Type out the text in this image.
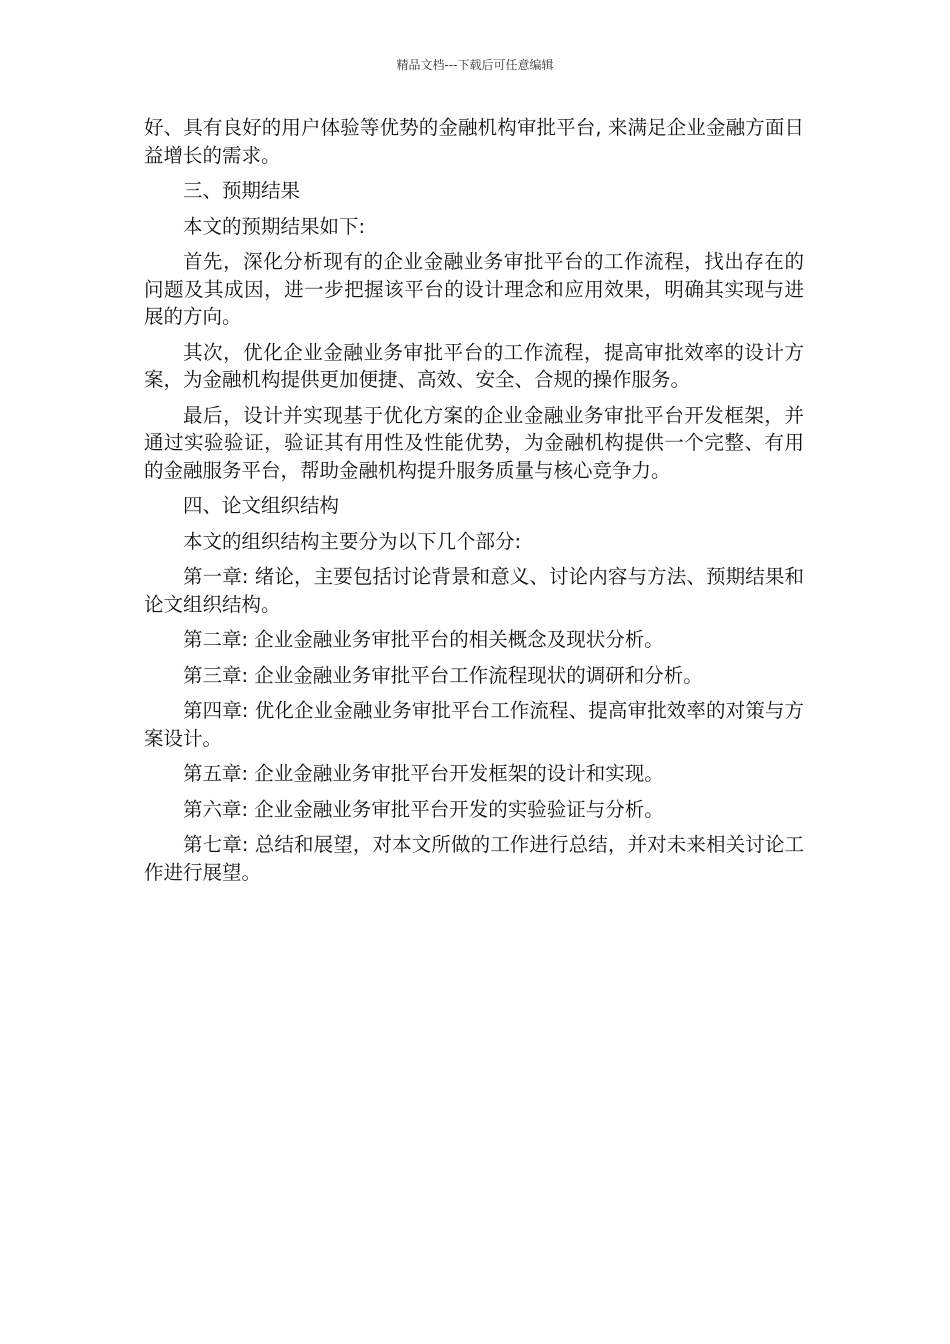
精品文档---下载后可任意编辑

好、具有良好的用户体验等优势的金融机构审批平台, 来满足企业金融方面日益增长的需求。

三、预期结果

本文的预期结果如下:

首先，深化分析现有的企业金融业务审批平台的工作流程，找出存在的问题及其成因，进一步把握该平台的设计理念和应用效果，明确其实现与进展的方向。

其次，优化企业金融业务审批平台的工作流程，提高审批效率的设计方案，为金融机构提供更加便捷、高效、安全、合规的操作服务。

最后，设计并实现基于优化方案的企业金融业务审批平台开发框架，并通过实验验证，验证其有用性及性能优势，为金融机构提供一个完整、有用的金融服务平台，帮助金融机构提升服务质量与核心竞争力。

四、论文组织结构

本文的组织结构主要分为以下几个部分:

第一章: 绪论，主要包括讨论背景和意义、讨论内容与方法、预期结果和论文组织结构。

第二章: 企业金融业务审批平台的相关概念及现状分析。

第三章: 企业金融业务审批平台工作流程现状的调研和分析。

第四章: 优化企业金融业务审批平台工作流程、提高审批效率的对策与方案设计。

第五章: 企业金融业务审批平台开发框架的设计和实现。

第六章: 企业金融业务审批平台开发的实验验证与分析。

第七章: 总结和展望，对本文所做的工作进行总结，并对未来相关讨论工作进行展望。
